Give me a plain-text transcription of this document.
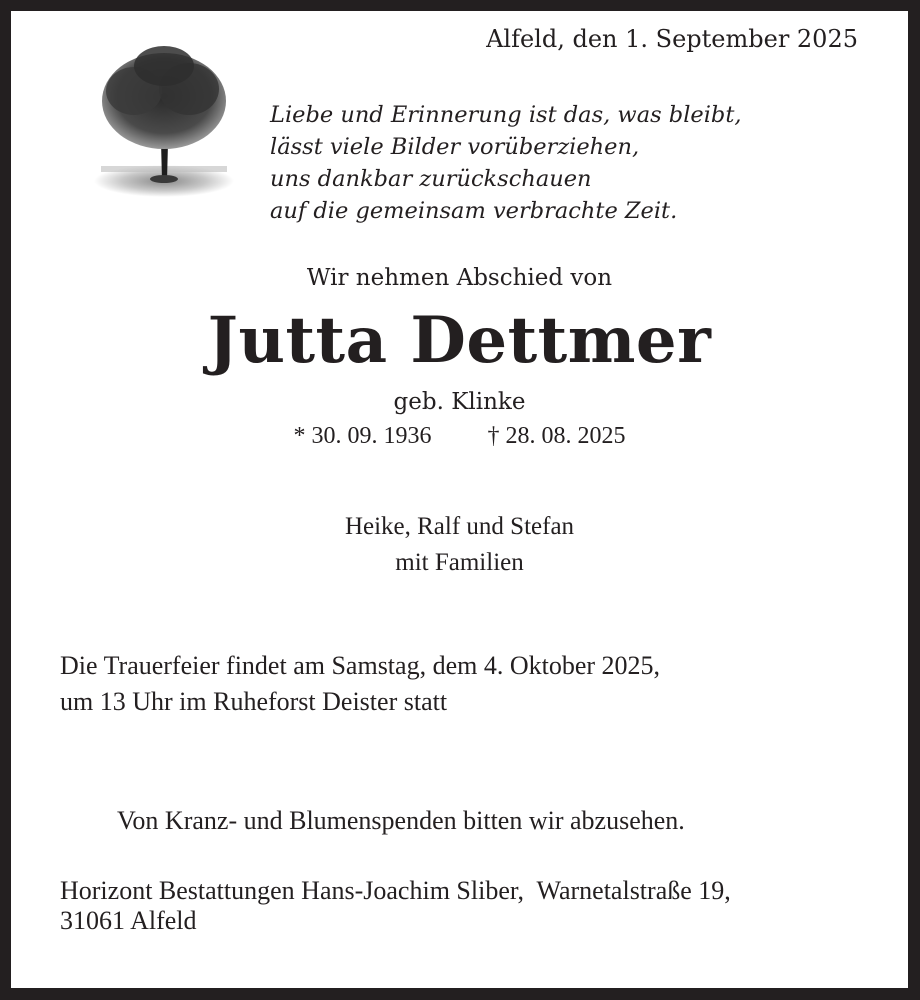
Alfeld, den 1. September 2025
Liebe und Erinnerung ist das, was bleibt,
lässt viele Bilder vorüberziehen,
uns dankbar zurückschauen
auf die gemeinsam verbrachte Zeit.
Wir nehmen Abschied von
Jutta Dettmer
geb. Klinke
* 30. 09. 1936 † 28. 08. 2025
Heike, Ralf und Stefan
mit Familien
Die Trauerfeier findet am Samstag, dem 4. Oktober 2025,
um 13 Uhr im Ruheforst Deister statt
Von Kranz- und Blumenspenden bitten wir abzusehen.
Horizont Bestattungen Hans-Joachim Sliber,  Warnetalstraße 19,
31061 Alfeld
